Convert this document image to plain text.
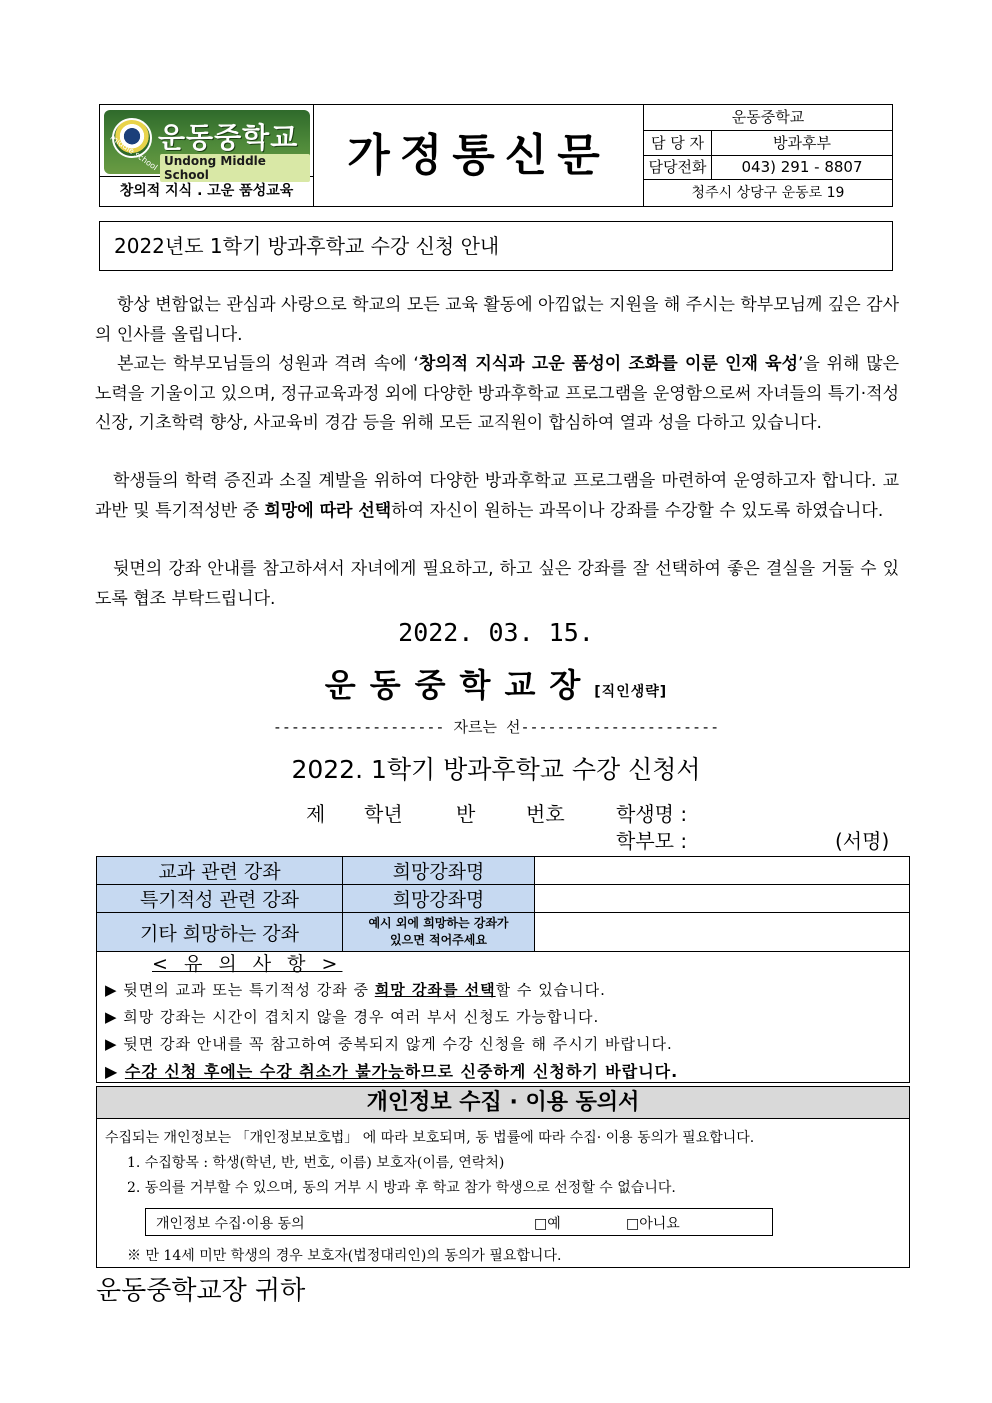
middle school
운동중학교
Undong Middle School
창의적 지식 . 고운 품성교육
가정통신문
운동중학교
담 당 자	방과후부
담당전화	043) 291 - 8807
청주시 상당구 운동로 19
2022년도 1학기 방과후학교 수강 신청 안내
항상 변함없는 관심과 사랑으로 학교의 모든 교육 활동에 아낌없는 지원을 해 주시는 학부모님께 깊은 감사의 인사를 올립니다.
본교는 학부모님들의 성원과 격려 속에 ‘창의적 지식과 고운 품성이 조화를 이룬 인재 육성’을 위해 많은 노력을 기울이고 있으며, 정규교육과정 외에 다양한 방과후학교 프로그램을 운영함으로써 자녀들의 특기·적성 신장, 기초학력 향상, 사교육비 경감 등을 위해 모든 교직원이 합심하여 열과 성을 다하고 있습니다.
학생들의 학력 증진과 소질 계발을 위하여 다양한 방과후학교 프로그램을 마련하여 운영하고자 합니다. 교과반 및 특기적성반 중 희망에 따라 선택하여 자신이 원하는 과목이나 강좌를 수강할 수 있도록 하였습니다.
뒷면의 강좌 안내를 참고하셔서 자녀에게 필요하고, 하고 싶은 강좌를 잘 선택하여 좋은 결실을 거둘 수 있도록 협조 부탁드립니다.
2022. 03. 15.
운동중학교장[직인생략]
------------------- 자르는 선----------------------
2022. 1학기 방과후학교 수강 신청서
제 학년	반	번호	학생명 :
학부모 :	(서명)
교과 관련 강좌	희망강좌명	
특기적성 관련 강좌	희망강좌명	
기타 희망하는 강좌	예시 외에 희망하는 강좌가
있으면 적어주세요	
< 유 의 사 항 >
▶ 뒷면의 교과 또는 특기적성 강좌 중 희망 강좌를 선택할 수 있습니다.
▶ 희망 강좌는 시간이 겹치지 않을 경우 여러 부서 신청도 가능합니다.
▶ 뒷면 강좌 안내를 꼭 참고하여 중복되지 않게 수강 신청을 해 주시기 바랍니다.
▶ 수강 신청 후에는 수강 취소가 불가능하므로 신중하게 신청하기 바랍니다.
개인정보 수집 · 이용 동의서
수집되는 개인정보는 「개인정보보호법」 에 따라 보호되며, 동 법률에 따라 수집· 이용 동의가 필요합니다.
1. 수집항목 : 학생(학년, 반, 번호, 이름) 보호자(이름, 연락처)
2. 동의를 거부할 수 있으며, 동의 거부 시 방과 후 학교 참가 학생으로 선정할 수 없습니다.
개인정보 수집·이용 동의	□예	□아니요
※ 만 14세 미만 학생의 경우 보호자(법정대리인)의 동의가 필요합니다.
운동중학교장 귀하
